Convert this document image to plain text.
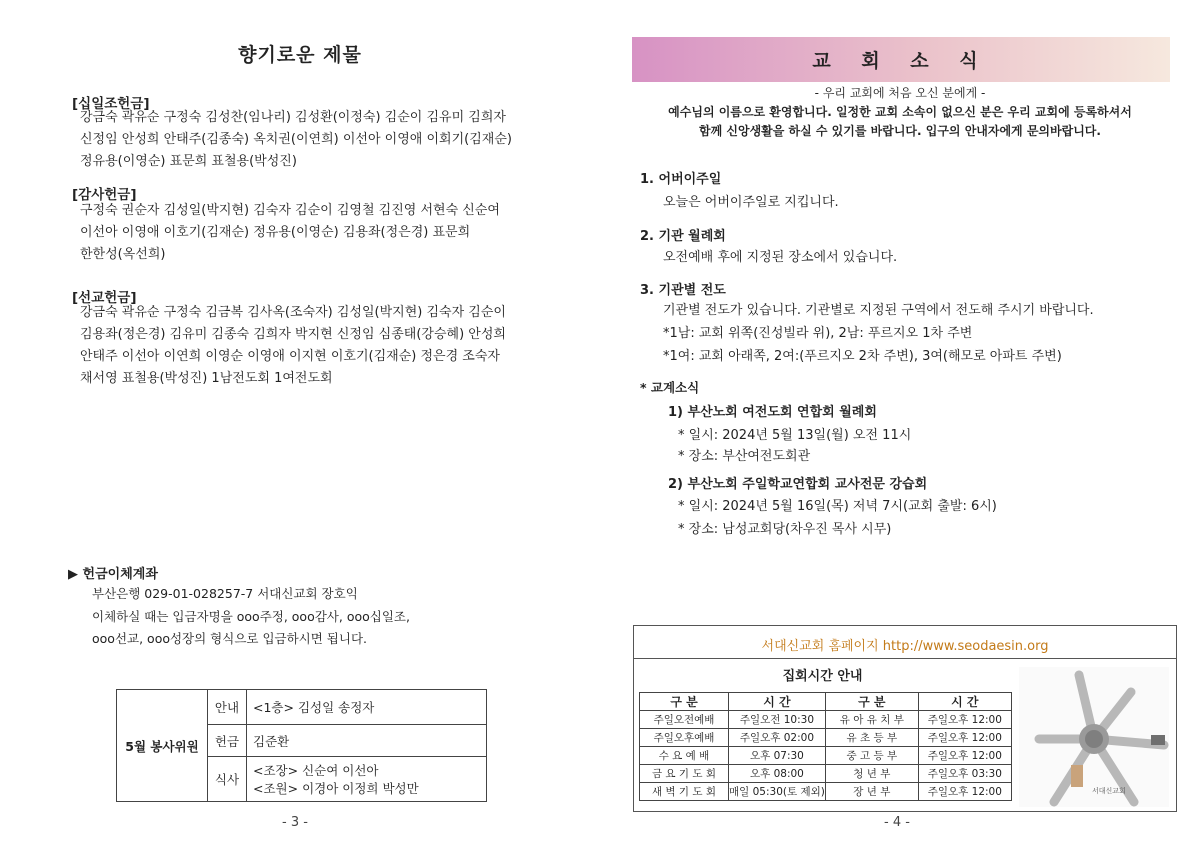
향기로운 제물
[십일조헌금]
강금숙 곽유순 구정숙 김성찬(임나리) 김성환(이정숙) 김순이 김유미 김희자
신정임 안성희 안태주(김종숙) 옥치권(이연희) 이선아 이영애 이회기(김재순)
정유용(이영순) 표문희 표철용(박성진)
[감사헌금]
구정숙 권순자 김성일(박지현) 김숙자 김순이 김영철 김진영 서현숙 신순여
이선아 이영애 이호기(김재순) 정유용(이영순) 김용좌(정은경) 표문희
한한성(옥선희)
[선교헌금]
강금숙 곽유순 구정숙 김금복 김사옥(조숙자) 김성일(박지현) 김숙자 김순이
김용좌(정은경) 김유미 김종숙 김희자 박지현 신정임 심종태(강승혜) 안성희
안태주 이선아 이연희 이영순 이영애 이지현 이호기(김재순) 정은경 조숙자
채서영 표철용(박성진) 1남전도회 1여전도회
▶ 헌금이체계좌
부산은행 029-01-028257-7 서대신교회 장호익
이체하실 때는 입금자명을 ooo주정, ooo감사, ooo십일조,
ooo선교, ooo성장의 형식으로 입금하시면 됩니다.
5월 봉사위원	안내	<1층> 김성일 송정자
	헌금	김준환
	식사	<조장> 신순여 이선아
<조원> 이경아 이정희 박성만
- 3 -
교 회 소 식
- 우리 교회에 처음 오신 분에게 -
예수님의 이름으로 환영합니다. 일정한 교회 소속이 없으신 분은 우리 교회에 등록하셔서
함께 신앙생활을 하실 수 있기를 바랍니다. 입구의 안내자에게 문의바랍니다.
1. 어버이주일
오늘은 어버이주일로 지킵니다.
2. 기관 월례회
오전예배 후에 지정된 장소에서 있습니다.
3. 기관별 전도
기관별 전도가 있습니다. 기관별로 지정된 구역에서 전도해 주시기 바랍니다.
*1남: 교회 위쪽(진성빌라 위), 2남: 푸르지오 1차 주변
*1여: 교회 아래쪽, 2여:(푸르지오 2차 주변), 3여(해모로 아파트 주변)
* 교계소식
1) 부산노회 여전도회 연합회 월례회
* 일시: 2024년 5월 13일(월) 오전 11시
* 장소: 부산여전도회관
2) 부산노회 주일학교연합회 교사전문 강습회
* 일시: 2024년 5월 16일(목) 저녁 7시(교회 출발: 6시)
* 장소: 남성교회당(차우진 목사 시무)
서대신교회 홈페이지 http://www.seodaesin.org
집회시간 안내
구 분	시 간	구 분	시 간
주일오전예배	주일오전 10:30	유 아 유 치 부	주일오후 12:00
주일오후예배	주일오후 02:00	유 초 등 부	주일오후 12:00
수 요 예 배	오후 07:30	중 고 등 부	주일오후 12:00
금 요 기 도 회	오후 08:00	청 년 부	주일오후 03:30
새 벽 기 도 회	매일 05:30(토 제외)	장 년 부	주일오후 12:00	서대신교회
- 4 -
